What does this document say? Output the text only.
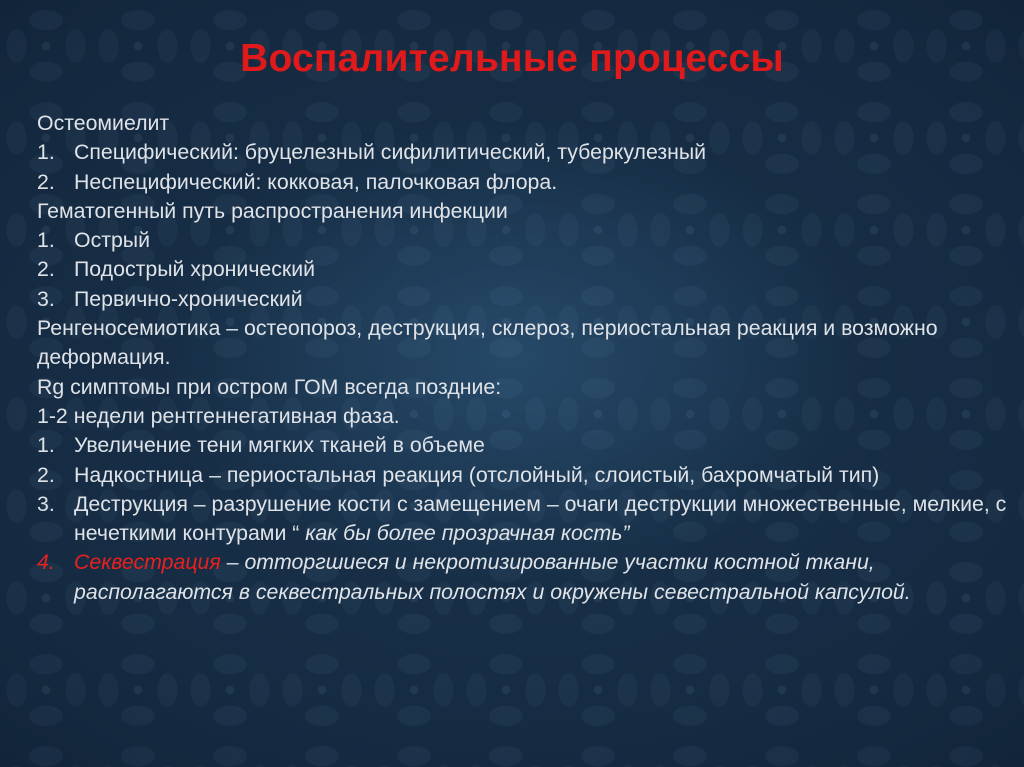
Воспалительные процессы

Остеомиелит

1. Специфический: бруцелезный сифилитический, туберкулезный
2. Неспецифический: кокковая, палочковая флора.

Гематогенный путь распространения инфекции

1. Острый
2. Подострый хронический
3. Первично-хронический

Ренгеносемиотика – остеопороз, деструкция, склероз, периостальная реакция и возможно деформация.

Rg симптомы при остром ГОМ всегда поздние:

1-2 недели рентгеннегативная фаза.

1. Увеличение тени мягких тканей в объеме
2. Надкостница – периостальная реакция (отслойный, слоистый, бахромчатый тип)
3. Деструкция – разрушение кости с замещением – очаги деструкции множественные, мелкие, с нечеткими контурами “ как бы более прозрачная кость”
4. Секвестрация – отторгшиеся и некротизированные участки костной ткани, располагаются в секвестральных полостях и окружены севестральной капсулой.
